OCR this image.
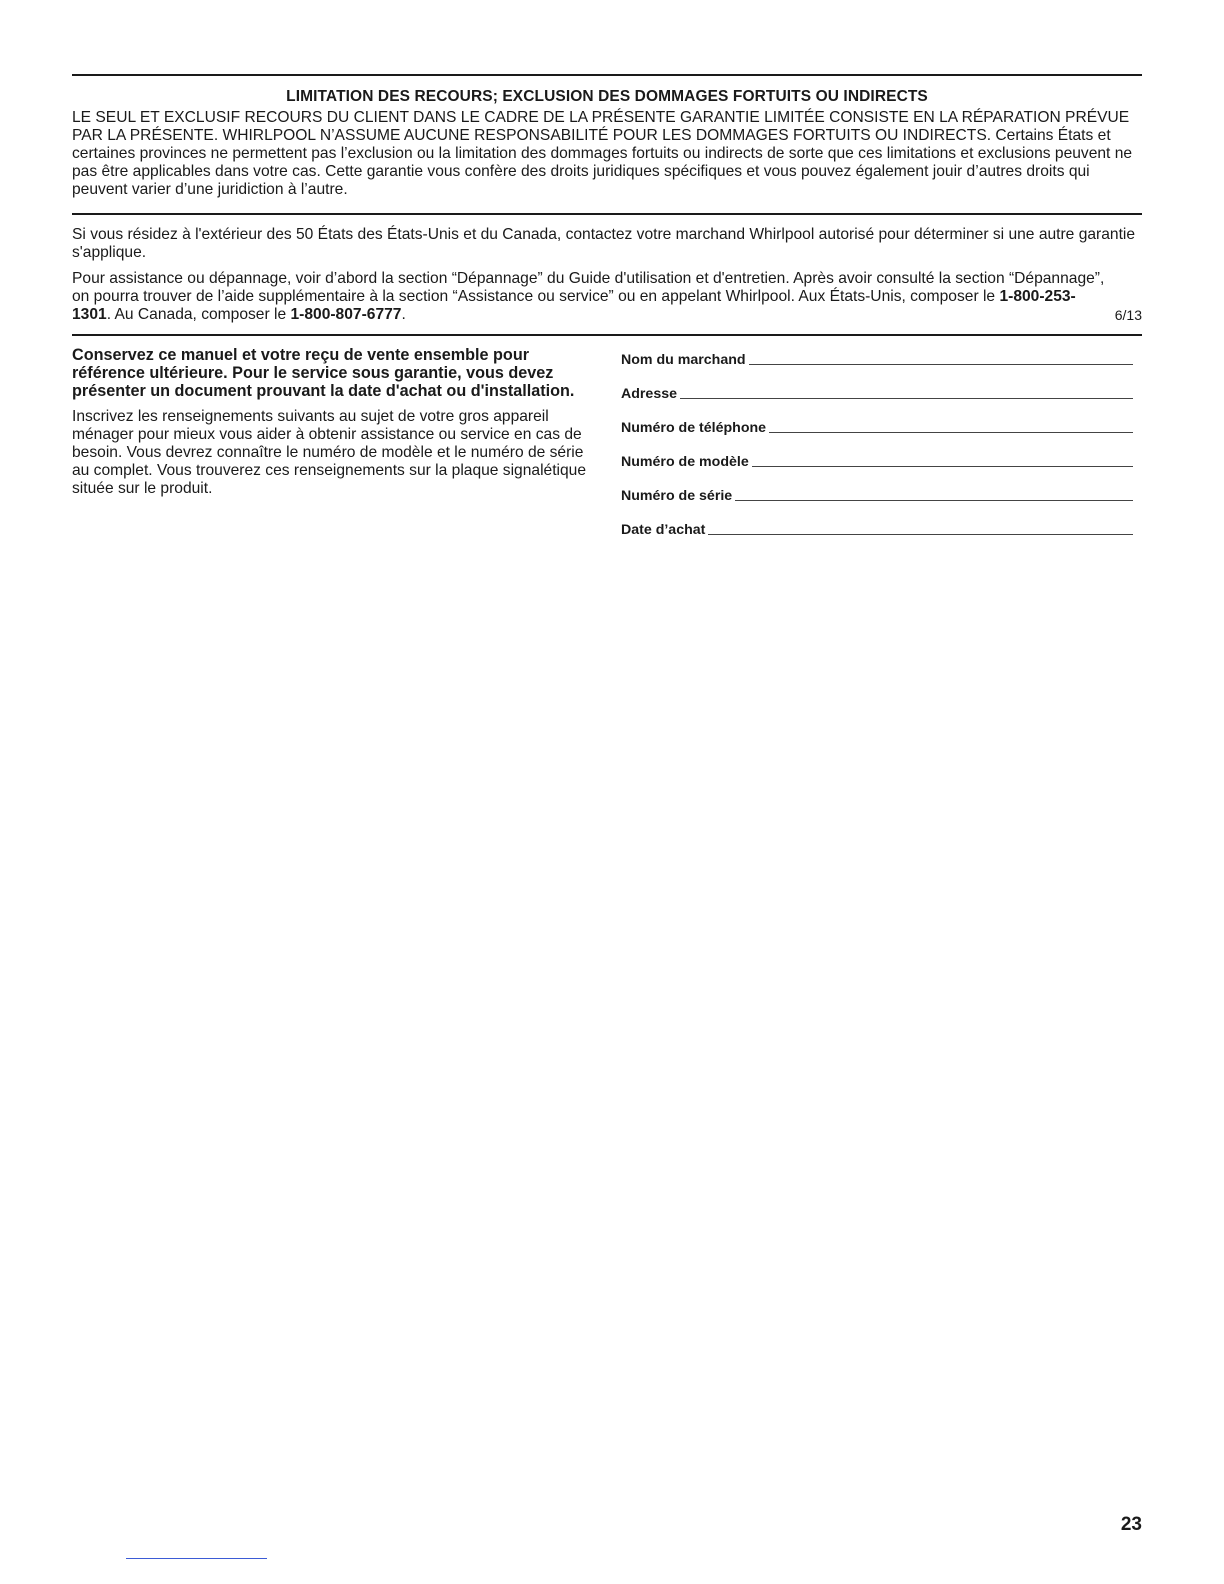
LIMITATION DES RECOURS; EXCLUSION DES DOMMAGES FORTUITS OU INDIRECTS

LE SEUL ET EXCLUSIF RECOURS DU CLIENT DANS LE CADRE DE LA PRÉSENTE GARANTIE LIMITÉE CONSISTE EN LA RÉPARATION PRÉVUE PAR LA PRÉSENTE. WHIRLPOOL N’ASSUME AUCUNE RESPONSABILITÉ POUR LES DOMMAGES FORTUITS OU INDIRECTS. Certains États et certaines provinces ne permettent pas l’exclusion ou la limitation des dommages fortuits ou indirects de sorte que ces limitations et exclusions peuvent ne pas être applicables dans votre cas. Cette garantie vous confère des droits juridiques spécifiques et vous pouvez également jouir d’autres droits qui peuvent varier d’une juridiction à l’autre.

Si vous résidez à l'extérieur des 50 États des États-Unis et du Canada, contactez votre marchand Whirlpool autorisé pour déterminer si une autre garantie s'applique.

6/13
Pour assistance ou dépannage, voir d’abord la section “Dépannage” du Guide d'utilisation et d'entretien. Après avoir consulté la section “Dépannage”, on pourra trouver de l’aide supplémentaire à la section “Assistance ou service” ou en appelant Whirlpool. Aux États-Unis, composer le 1-800-253-1301. Au Canada, composer le 1-800-807-6777.

Conservez ce manuel et votre reçu de vente ensemble pour référence ultérieure. Pour le service sous garantie, vous devez présenter un document prouvant la date d'achat ou d'installation.

Inscrivez les renseignements suivants au sujet de votre gros appareil ménager pour mieux vous aider à obtenir assistance ou service en cas de besoin. Vous devrez connaître le numéro de modèle et le numéro de série au complet. Vous trouverez ces renseignements sur la plaque signalétique située sur le produit.

Nom du marchand
Adresse
Numéro de téléphone
Numéro de modèle
Numéro de série
Date d’achat
23
